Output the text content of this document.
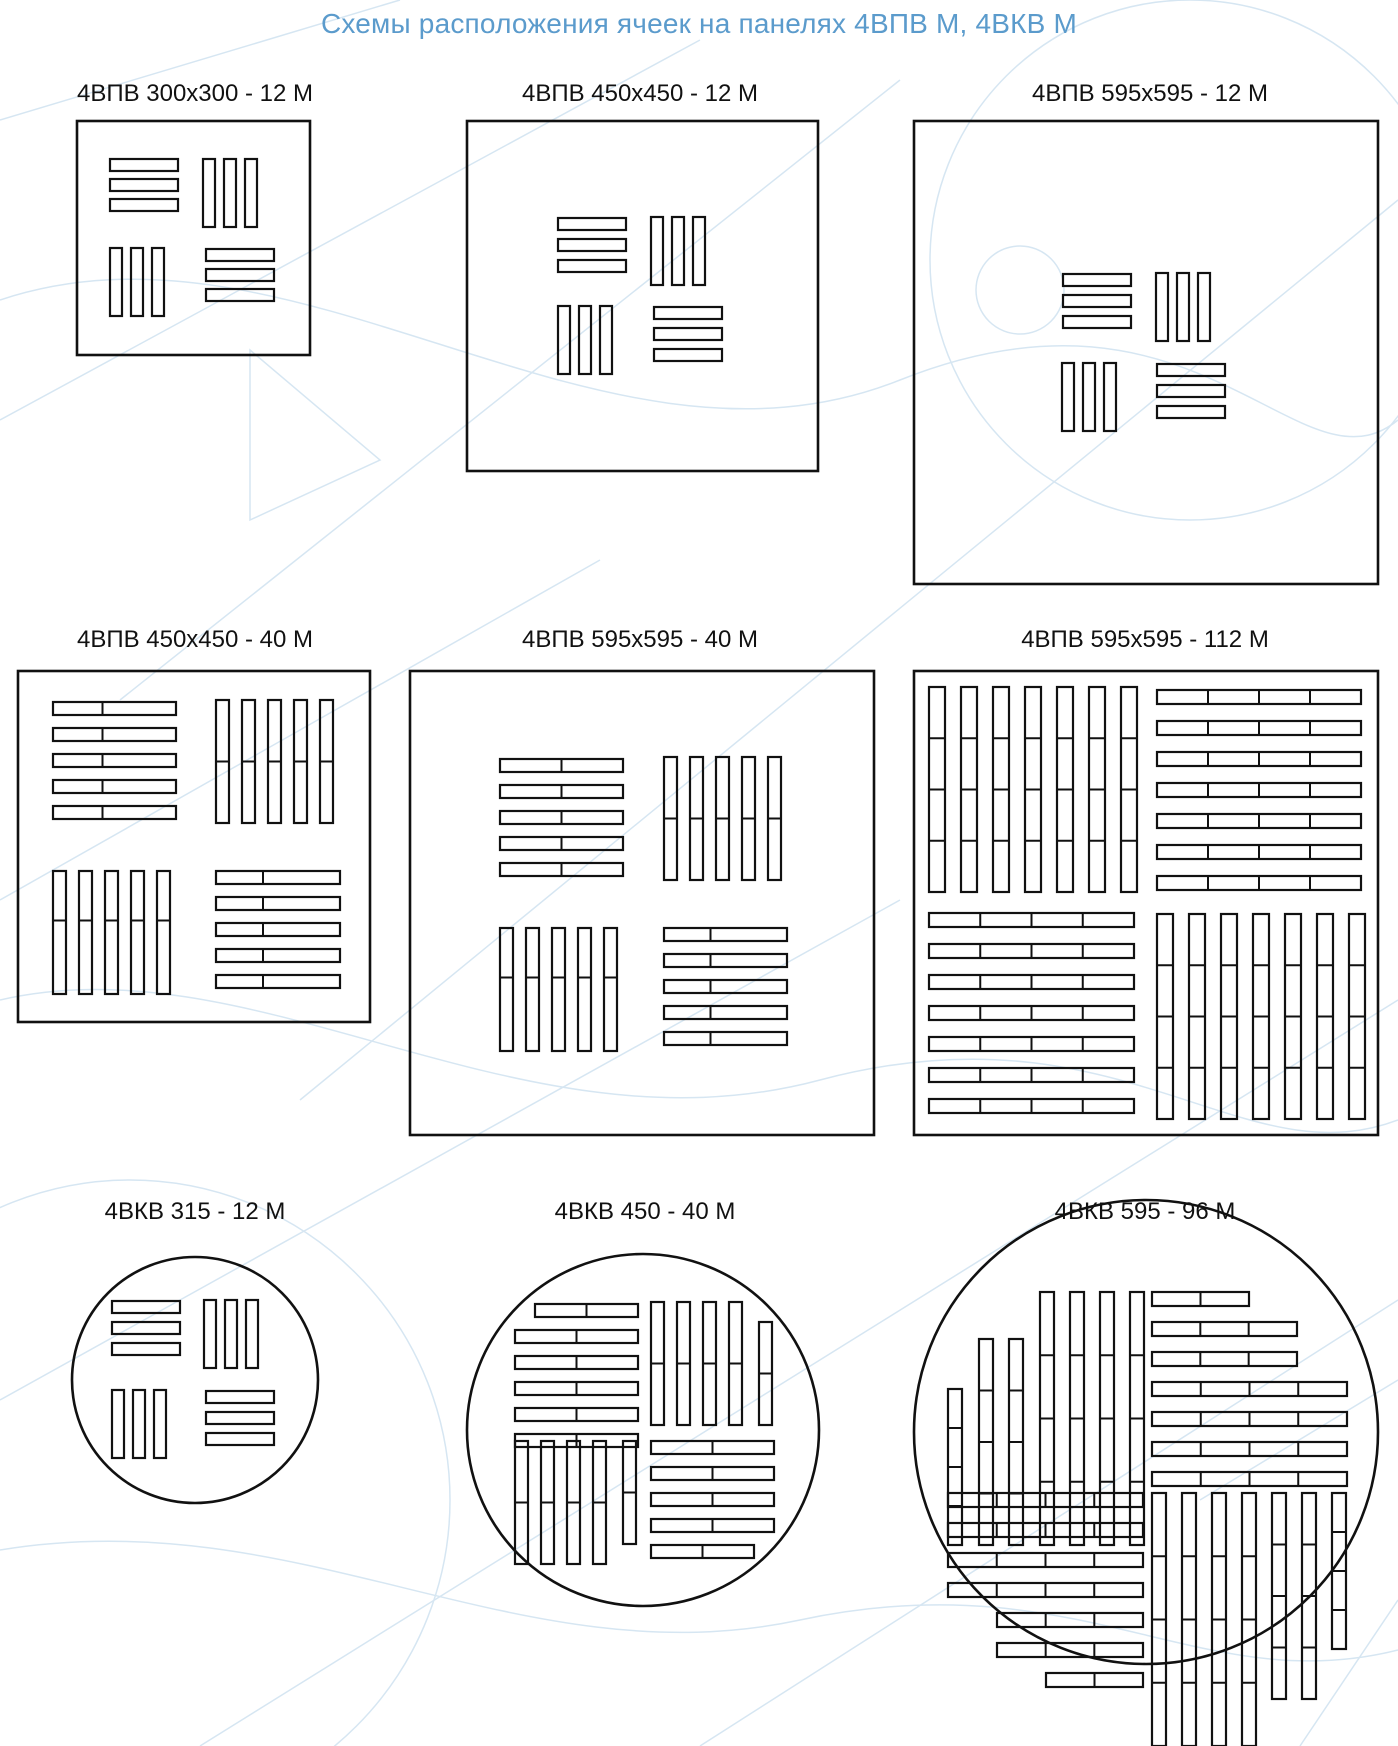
Схемы расположения ячеек на панелях 4ВПВ М, 4ВКВ М
4ВПВ 300x300 - 12 М	4ВПВ 450x450 - 12 М	4ВПВ 595x595 - 12 М
4ВПВ 450x450 - 40 М	4ВПВ 595x595 - 40 М	4ВПВ 595x595 - 112 М
4ВКВ 315 - 12 М	4ВКВ 450 - 40 М	4ВКВ 595 - 96 М
